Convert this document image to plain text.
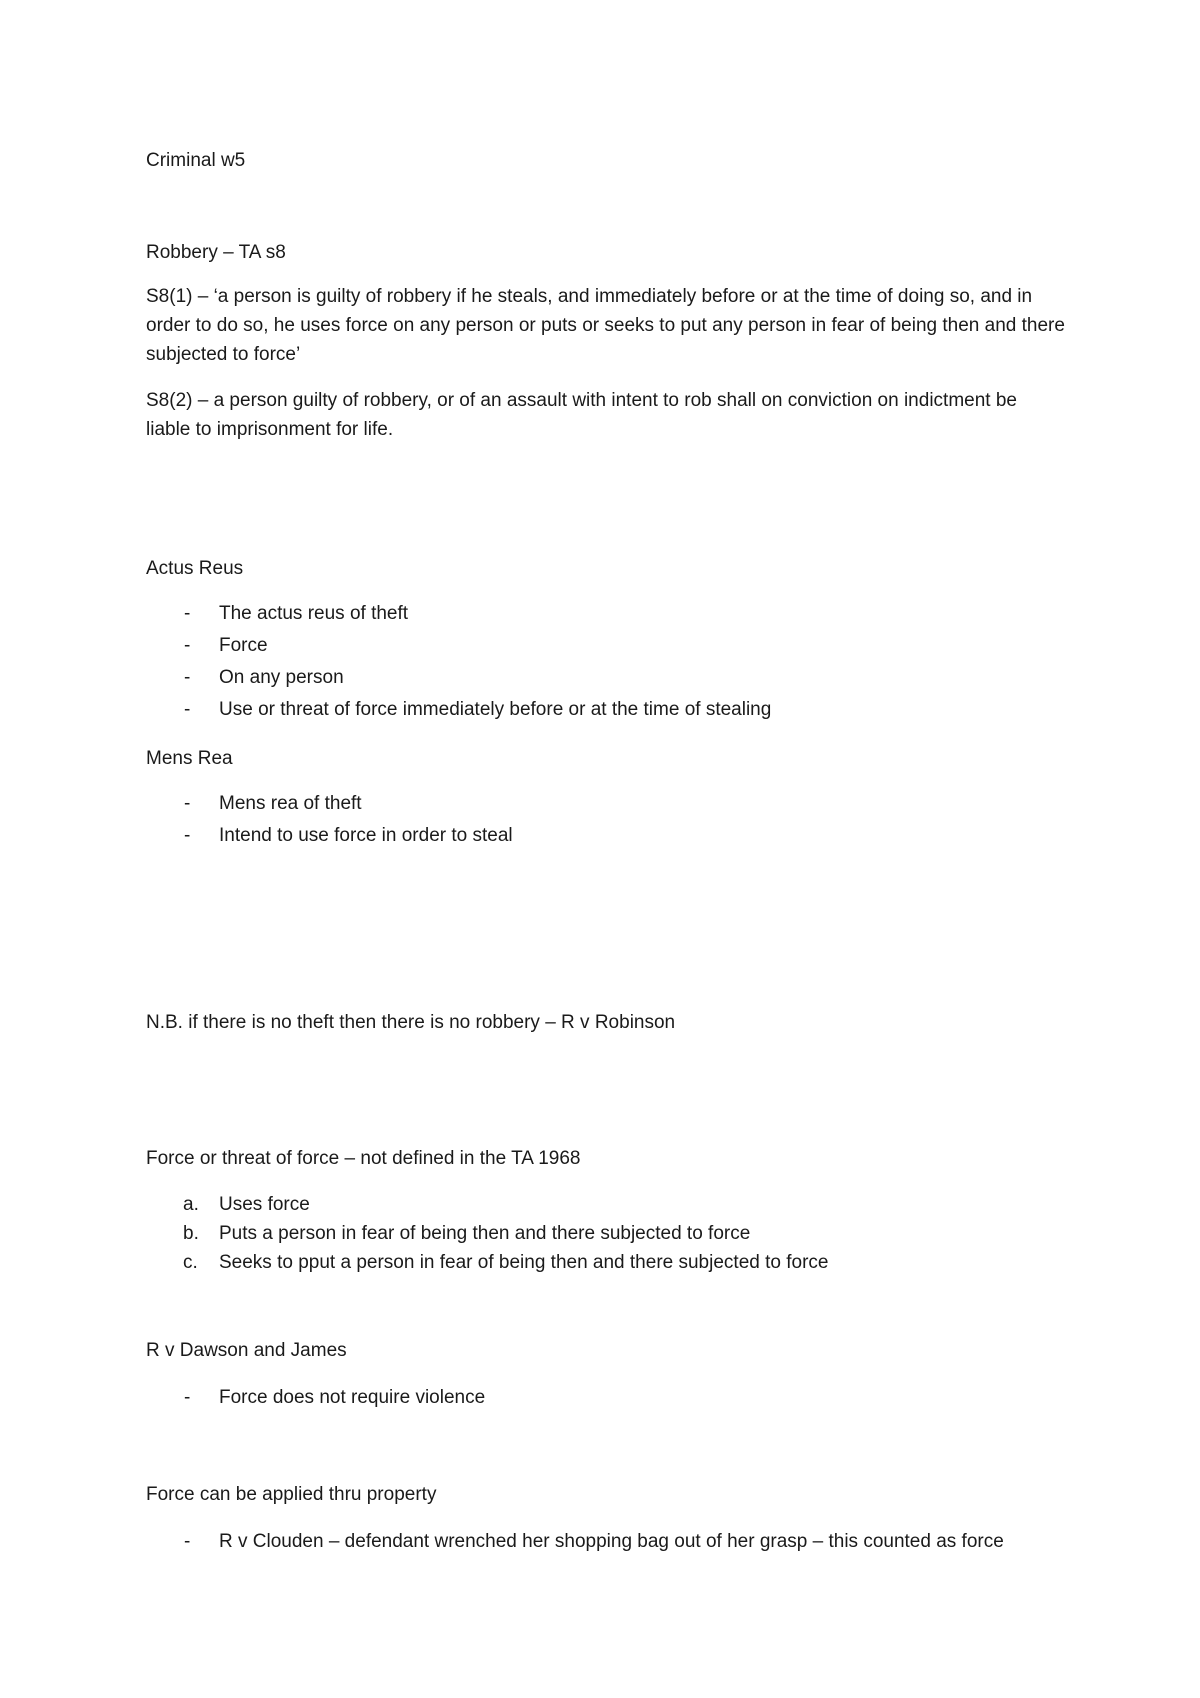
Criminal w5
Robbery – TA s8
S8(1) – ‘a person is guilty of robbery if he steals, and immediately before or at the time of doing so, and in order to do so, he uses force on any person or puts or seeks to put any person in fear of being then and there subjected to force’
S8(2) – a person guilty of robbery, or of an assault with intent to rob shall on conviction on indictment be liable to imprisonment for life.
Actus Reus
-	The actus reus of theft
-	Force
-	On any person
-	Use or threat of force immediately before or at the time of stealing
Mens Rea
-	Mens rea of theft
-	Intend to use force in order to steal
N.B. if there is no theft then there is no robbery – R v Robinson
Force or threat of force – not defined in the TA 1968
a. Uses force
b. Puts a person in fear of being then and there subjected to force
c. Seeks to pput a person in fear of being then and there subjected to force
R v Dawson and James
-	Force does not require violence
Force can be applied thru property
-	R v Clouden – defendant wrenched her shopping bag out of her grasp – this counted as force
